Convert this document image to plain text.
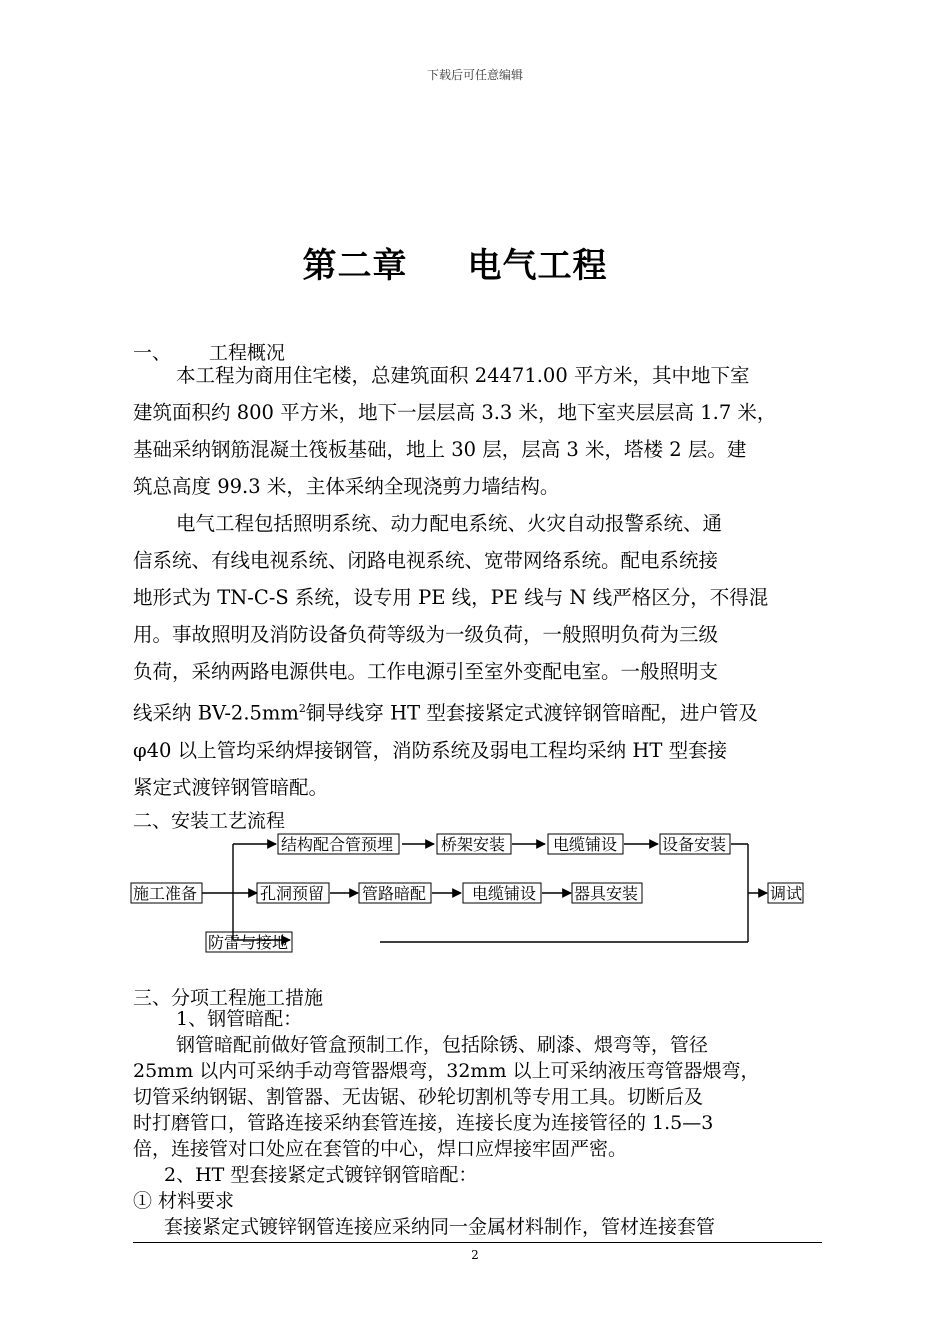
下载后可任意编辑
第二章 电气工程
一、 工程概况

本工程为商用住宅楼，总建筑面积 24471.00 平方米，其中地下室

建筑面积约 800 平方米，地下一层层高 3.3 米，地下室夹层层高 1.7 米，

基础采纳钢筋混凝土筏板基础，地上 30 层，层高 3 米，塔楼 2 层。建

筑总高度 99.3 米，主体采纳全现浇剪力墙结构。

电气工程包括照明系统、动力配电系统、火灾自动报警系统、通

信系统、有线电视系统、闭路电视系统、宽带网络系统。配电系统接

地形式为 TN-C-S 系统，设专用 PE 线，PE 线与 N 线严格区分，不得混

用。事故照明及消防设备负荷等级为一级负荷，一般照明负荷为三级

负荷，采纳两路电源供电。工作电源引至室外变配电室。一般照明支

线采纳 $BV-2.5mm^2$铜导线穿 HT 型套接紧定式渡锌钢管暗配，进户管及

φ40 以上管均采纳焊接钢管，消防系统及弱电工程均采纳 HT 型套接

紧定式渡锌钢管暗配。

二、安装工艺流程
施工准备
结构配合管预埋	桥架安装	电缆铺设	设备安装
孔洞预留 管路暗配	电缆铺设 器具安装	调试
防雷与接地
三、分项工程施工措施
1、钢管暗配：
钢管暗配前做好管盒预制工作，包括除锈、刷漆、煨弯等，管径
25mm 以内可采纳手动弯管器煨弯，32mm 以上可采纳液压弯管器煨弯，
切管采纳钢锯、割管器、无齿锯、砂轮切割机等专用工具。切断后及
时打磨管口，管路连接采纳套管连接，连接长度为连接管径的 1.5—3
倍，连接管对口处应在套管的中心，焊口应焊接牢固严密。
2、HT 型套接紧定式镀锌钢管暗配：
① 材料要求
套接紧定式镀锌钢管连接应采纳同一金属材料制作，管材连接套管
2
